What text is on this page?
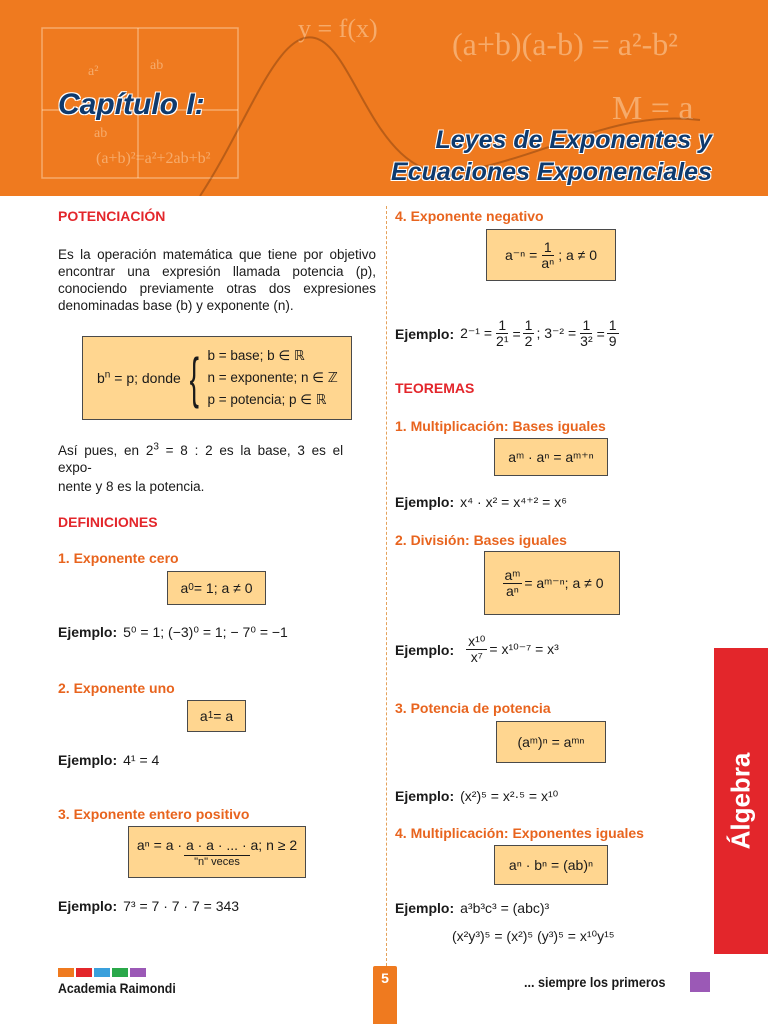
y = f(x) (a+b)(a-b) = a²-b²
M = a
a²	ab
ab
(a+b)²=a²+2ab+b²
Capítulo I:
Leyes de Exponentes y
Ecuaciones Exponenciales
POTENCIACIÓN
Es la operación matemática que tiene por objetivo encontrar una expresión llamada potencia (p), conociendo previamente otras dos expresiones denominadas base (b) y exponente (n).
$b^n = p$; donde { b = base; b ∈ ℝ
n = exponente; n ∈ ℤ
p = potencia; p ∈ ℝ
Así pues, en $2^3 = 8$ : 2 es la base, 3 es el expo-
nente y 8 es la potencia.
DEFINICIONES
1. Exponente cero
a 0 = 1; a ≠ 0
Ejemplo: 5⁰ = 1; (−3)⁰ = 1; − 7⁰ = −1
2. Exponente uno
a 1 = a
Ejemplo: 4¹ = 4
3. Exponente entero positivo
aⁿ = a · a · a · ... · a; n ≥ 2
"n" veces
Ejemplo: 7³ = 7 · 7 · 7 = 343
4. Exponente negativo
$a^{-n} = \frac{1}{\text{aⁿ}}$ ; a ≠ 0
Ejemplo: $2^{-1} = \frac{1}{\text{2¹}} = \frac{1}{2}$ ; $3^{-2} = \frac{1}{\text{3²}} = \frac{1}{9}$
TEOREMAS
1. Multiplicación: Bases iguales
aᵐ · aⁿ = aᵐ⁺ⁿ
Ejemplo: x⁴ · x² = x⁴⁺² = x⁶
2. División: Bases iguales
$\frac{\text{aᵐ}}{\text{aⁿ}}$ = aᵐ⁻ⁿ; a ≠ 0
Ejemplo: $\frac{\text{x¹⁰}}{\text{x⁷}} = x^{10-7} = x^3$
3. Potencia de potencia
(aᵐ)ⁿ = aᵐⁿ
Ejemplo: (x²)⁵ = x²·⁵ = x¹⁰
4. Multiplicación: Exponentes iguales
aⁿ · bⁿ = (ab)ⁿ
Ejemplo: a³b³c³ = (abc)³
(x²y³)⁵ = (x²)⁵ (y³)⁵ = x¹⁰y¹⁵
Álgebra
Academia Raimondi
5	... siempre los primeros
